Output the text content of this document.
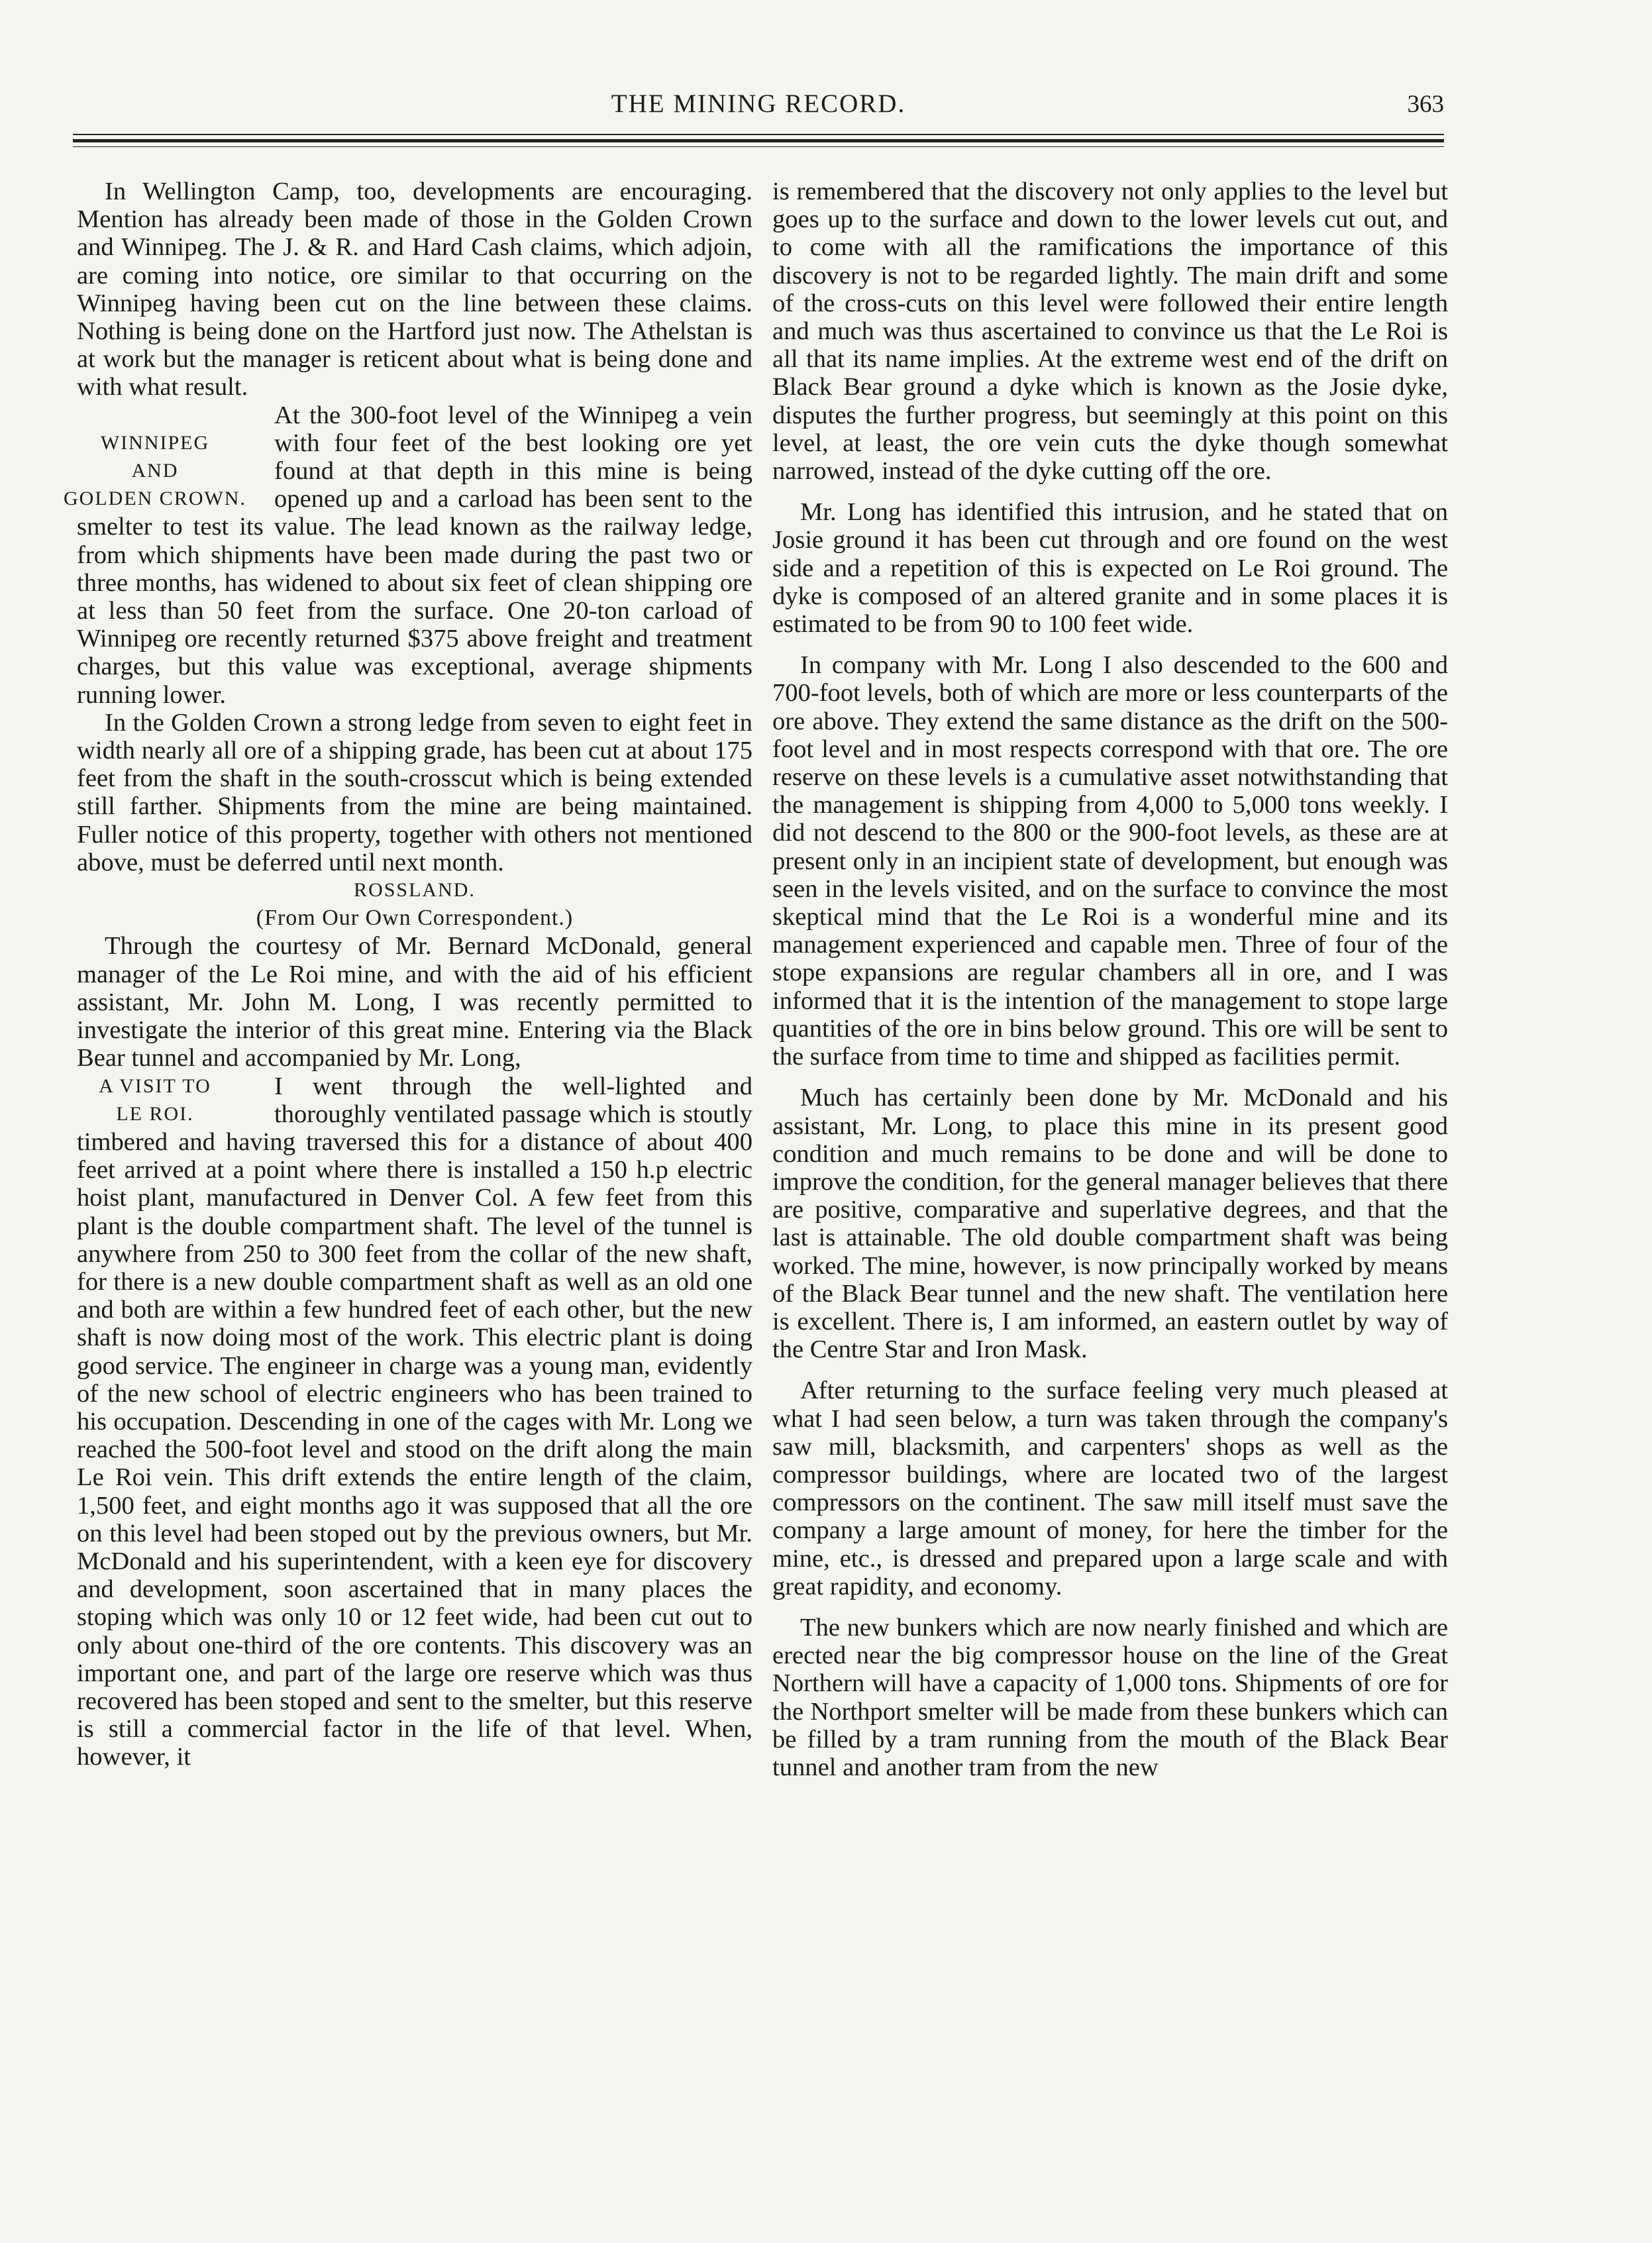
THE MINING RECORD.	363

In Wellington Camp, too, developments are encouraging. Mention has already been made of those in the Golden Crown and Winnipeg. The J. & R. and Hard Cash claims, which adjoin, are coming into notice, ore similar to that occurring on the Winnipeg having been cut on the line between these claims. Nothing is being done on the Hartford just now. The Athelstan is at work but the manager is reticent about what is being done and with what result.

WINNIPEG
AND
GOLDEN CROWN.
At the 300-foot level of the Winnipeg a vein with four feet of the best looking ore yet found at that depth in this mine is being opened up and a carload has been sent to the smelter to test its value. The lead known as the railway ledge, from which shipments have been made during the past two or three months, has widened to about six feet of clean shipping ore at less than 50 feet from the surface. One 20-ton carload of Winnipeg ore recently returned $375 above freight and treatment charges, but this value was exceptional, average shipments running lower.

In the Golden Crown a strong ledge from seven to eight feet in width nearly all ore of a shipping grade, has been cut at about 175 feet from the shaft in the south-crosscut which is being extended still farther. Shipments from the mine are being maintained. Fuller notice of this property, together with others not mentioned above, must be deferred until next month.

ROSSLAND.

(From Our Own Correspondent.)

Through the courtesy of Mr. Bernard McDonald, general manager of the Le Roi mine, and with the aid of his efficient assistant, Mr. John M. Long, I was recently permitted to investigate the interior of this great mine. Entering via the Black Bear tunnel and accompanied by Mr. Long,

A VISIT TO
LE ROI.
I went through the well-lighted and thoroughly ventilated passage which is stoutly timbered and having traversed this for a distance of about 400 feet arrived at a point where there is installed a 150 h.p electric hoist plant, manufactured in Denver Col. A few feet from this plant is the double compartment shaft. The level of the tunnel is anywhere from 250 to 300 feet from the collar of the new shaft, for there is a new double compartment shaft as well as an old one and both are within a few hundred feet of each other, but the new shaft is now doing most of the work. This electric plant is doing good service. The engineer in charge was a young man, evidently of the new school of electric engineers who has been trained to his occupation. Descending in one of the cages with Mr. Long we reached the 500-foot level and stood on the drift along the main Le Roi vein. This drift extends the entire length of the claim, 1,500 feet, and eight months ago it was supposed that all the ore on this level had been stoped out by the previous owners, but Mr. McDonald and his superintendent, with a keen eye for discovery and development, soon ascertained that in many places the stoping which was only 10 or 12 feet wide, had been cut out to only about one-third of the ore contents. This discovery was an important one, and part of the large ore reserve which was thus recovered has been stoped and sent to the smelter, but this reserve is still a commercial factor in the life of that level. When, however, it

is remembered that the discovery not only applies to the level but goes up to the surface and down to the lower levels cut out, and to come with all the ramifications the importance of this discovery is not to be regarded lightly. The main drift and some of the cross-cuts on this level were followed their entire length and much was thus ascertained to convince us that the Le Roi is all that its name implies. At the extreme west end of the drift on Black Bear ground a dyke which is known as the Josie dyke, disputes the further progress, but seemingly at this point on this level, at least, the ore vein cuts the dyke though somewhat narrowed, instead of the dyke cutting off the ore.

Mr. Long has identified this intrusion, and he stated that on Josie ground it has been cut through and ore found on the west side and a repetition of this is expected on Le Roi ground. The dyke is composed of an altered granite and in some places it is estimated to be from 90 to 100 feet wide.

In company with Mr. Long I also descended to the 600 and 700-foot levels, both of which are more or less counterparts of the ore above. They extend the same distance as the drift on the 500-foot level and in most respects correspond with that ore. The ore reserve on these levels is a cumulative asset notwithstanding that the management is shipping from 4,000 to 5,000 tons weekly. I did not descend to the 800 or the 900-foot levels, as these are at present only in an incipient state of development, but enough was seen in the levels visited, and on the surface to convince the most skeptical mind that the Le Roi is a wonderful mine and its management experienced and capable men. Three of four of the stope expansions are regular chambers all in ore, and I was informed that it is the intention of the management to stope large quantities of the ore in bins below ground. This ore will be sent to the surface from time to time and shipped as facilities permit.

Much has certainly been done by Mr. McDonald and his assistant, Mr. Long, to place this mine in its present good condition and much remains to be done and will be done to improve the condition, for the general manager believes that there are positive, comparative and superlative degrees, and that the last is attainable. The old double compartment shaft was being worked. The mine, however, is now principally worked by means of the Black Bear tunnel and the new shaft. The ventilation here is excellent. There is, I am informed, an eastern outlet by way of the Centre Star and Iron Mask.

After returning to the surface feeling very much pleased at what I had seen below, a turn was taken through the company's saw mill, blacksmith, and carpenters' shops as well as the compressor buildings, where are located two of the largest compressors on the continent. The saw mill itself must save the company a large amount of money, for here the timber for the mine, etc., is dressed and prepared upon a large scale and with great rapidity, and economy.

The new bunkers which are now nearly finished and which are erected near the big compressor house on the line of the Great Northern will have a capacity of 1,000 tons. Shipments of ore for the Northport smelter will be made from these bunkers which can be filled by a tram running from the mouth of the Black Bear tunnel and another tram from the new
